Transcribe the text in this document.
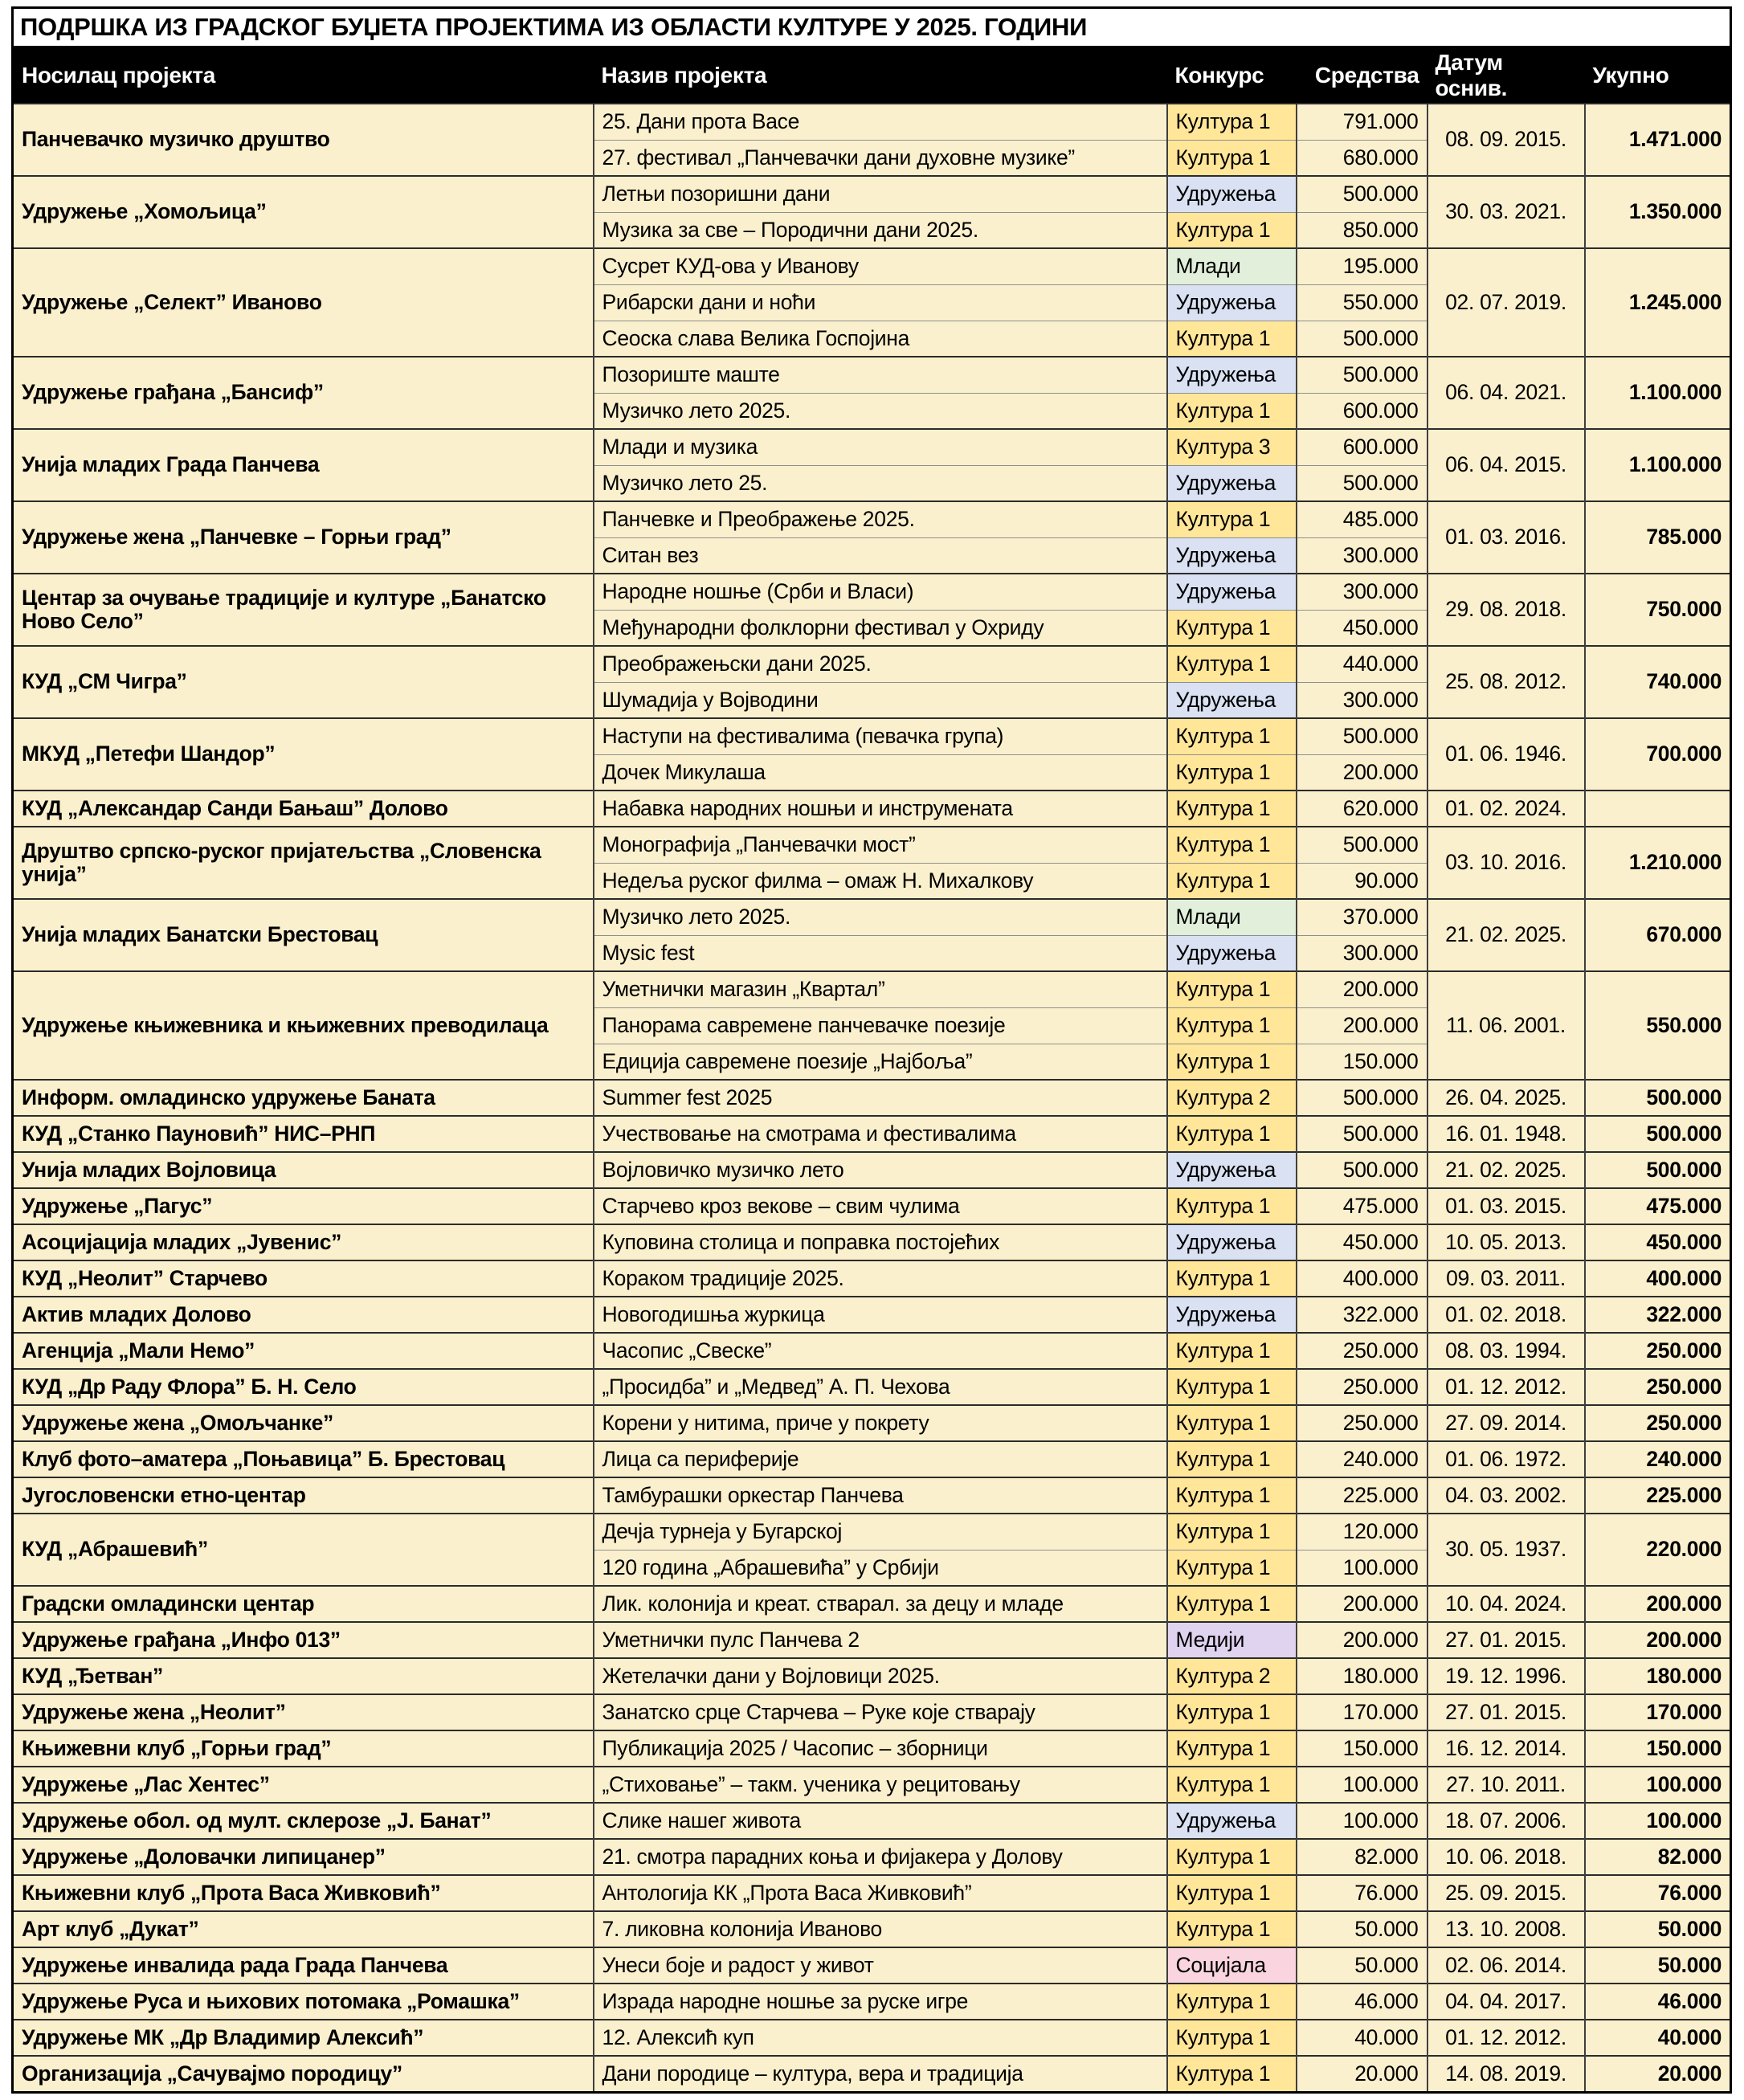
ПОДРШКА ИЗ ГРАДСКОГ БУЏЕТА ПРОЈЕКТИМА ИЗ ОБЛАСТИ КУЛТУРЕ У 2025. ГОДИНИ					
Носилац пројекта	Назив пројекта	Конкурс	Средства	Датум оснив.	Укупно
Панчевачко музичко друштво	25. Дани прота Васе	Култура 1	791.000	08. 09. 2015.	1.471.000
	27. фестивал „Панчевачки дани духовне музике”	Култура 1	680.000		
Удружење „Хомољица”	Летњи позоришни дани	Удружења	500.000	30. 03. 2021.	1.350.000
	Музика за све – Породични дани 2025.	Култура 1	850.000		
Удружење „Селект” Иваново	Сусрет КУД-ова у Иванову	Млади	195.000	02. 07. 2019.	1.245.000
	Рибарски дани и ноћи	Удружења	550.000		
	Сеоска слава Велика Госпојина	Култура 1	500.000		
Удружење грађана „Бансиф”	Позориште маште	Удружења	500.000	06. 04. 2021.	1.100.000
	Музичко лето 2025.	Култура 1	600.000		
Унија младих Града Панчева	Млади и музика	Култура 3	600.000	06. 04. 2015.	1.100.000
	Музичко лето 25.	Удружења	500.000		
Удружење жена „Панчевке – Горњи град”	Панчевке и Преображење 2025.	Култура 1	485.000	01. 03. 2016.	785.000
	Ситан вез	Удружења	300.000		
Центар за очување традиције и културе „Банатско Ново Село”	Народне ношње (Срби и Власи)	Удружења	300.000	29. 08. 2018.	750.000
	Међународни фолклорни фестивал у Охриду	Култура 1	450.000		
КУД „СМ Чигра”	Преображењски дани 2025.	Култура 1	440.000	25. 08. 2012.	740.000
	Шумадија у Војводини	Удружења	300.000		
МКУД „Петефи Шандор”	Наступи на фестивалима (певачка група)	Култура 1	500.000	01. 06. 1946.	700.000
	Дочек Микулаша	Култура 1	200.000		
КУД „Александар Санди Бањаш” Долово	Набавка народних ношњи и инструмената	Култура 1	620.000	01. 02. 2024.	
Друштво српско-руског пријатељства „Словенска унија”	Монографија „Панчевачки мост”	Култура 1	500.000	03. 10. 2016.	1.210.000
	Недеља руског филма – омаж Н. Михалкову	Култура 1	90.000		
Унија младих Банатски Брестовац	Музичко лето 2025.	Млади	370.000	21. 02. 2025.	670.000
	Mysic fest	Удружења	300.000		
Удружење књижевника и књижевних преводилаца	Уметнички магазин „Квартал”	Култура 1	200.000	11. 06. 2001.	550.000
	Панорама савремене панчевачке поезије	Култура 1	200.000		
	Едиција савремене поезије „Најбоља”	Култура 1	150.000		
Информ. омладинско удружење Баната	Summer fest 2025	Култура 2	500.000	26. 04. 2025.	500.000
КУД „Станко Пауновић” НИС–РНП	Учествовање на смотрама и фестивалима	Култура 1	500.000	16. 01. 1948.	500.000
Унија младих Војловица	Војловичко музичко лето	Удружења	500.000	21. 02. 2025.	500.000
Удружење „Пагус”	Старчево кроз векове – свим чулима	Култура 1	475.000	01. 03. 2015.	475.000
Асоцијација младих „Јувенис”	Куповина столица и поправка постојећих	Удружења	450.000	10. 05. 2013.	450.000
КУД „Неолит” Старчево	Кораком традиције 2025.	Култура 1	400.000	09. 03. 2011.	400.000
Актив младих Долово	Новогодишња журкица	Удружења	322.000	01. 02. 2018.	322.000
Агенција „Мали Немо”	Часопис „Свеске”	Култура 1	250.000	08. 03. 1994.	250.000
КУД „Др Раду Флора” Б. Н. Село	„Просидба” и „Медвед” А. П. Чехова	Култура 1	250.000	01. 12. 2012.	250.000
Удружење жена „Омољчанке”	Корени у нитима, приче у покрету	Култура 1	250.000	27. 09. 2014.	250.000
Клуб фото–аматера „Поњавица” Б. Брестовац	Лица са периферије	Култура 1	240.000	01. 06. 1972.	240.000
Југословенски етно-центар	Тамбурашки оркестар Панчева	Култура 1	225.000	04. 03. 2002.	225.000
КУД „Абрашевић”	Дечја турнеја у Бугарској	Култура 1	120.000	30. 05. 1937.	220.000
	120 година „Абрашевића” у Србији	Култура 1	100.000		
Градски омладински центар	Лик. колонија и креат. стварал. за децу и младе	Култура 1	200.000	10. 04. 2024.	200.000
Удружење грађана „Инфо 013”	Уметнички пулс Панчева 2	Медији	200.000	27. 01. 2015.	200.000
КУД „Ђетван”	Жетелачки дани у Војловици 2025.	Култура 2	180.000	19. 12. 1996.	180.000
Удружење жена „Неолит”	Занатско срце Старчева – Руке које стварају	Култура 1	170.000	27. 01. 2015.	170.000
Књижевни клуб „Горњи град”	Публикација 2025 / Часопис – зборници	Култура 1	150.000	16. 12. 2014.	150.000
Удружење „Лас Хентес”	„Стиховање” – такм. ученика у рецитовању	Култура 1	100.000	27. 10. 2011.	100.000
Удружење обол. од мулт. склерозе „Ј. Банат”	Слике нашег живота	Удружења	100.000	18. 07. 2006.	100.000
Удружење „Доловачки липицанер”	21. смотра парадних коња и фијакера у Долову	Култура 1	82.000	10. 06. 2018.	82.000
Књижевни клуб „Прота Васа Живковић”	Антологија КК „Прота Васа Живковић”	Култура 1	76.000	25. 09. 2015.	76.000
Арт клуб „Дукат”	7. ликовна колонија Иваново	Култура 1	50.000	13. 10. 2008.	50.000
Удружење инвалида рада Града Панчева	Унеси боје и радост у живот	Социјала	50.000	02. 06. 2014.	50.000
Удружење Руса и њихових потомака „Ромашка”	Израда народне ношње за руске игре	Култура 1	46.000	04. 04. 2017.	46.000
Удружење МК „Др Владимир Алексић”	12. Алексић куп	Култура 1	40.000	01. 12. 2012.	40.000
Организација „Сачувајмо породицу”	Дани породице – култура, вера и традиција	Култура 1	20.000	14. 08. 2019.	20.000
